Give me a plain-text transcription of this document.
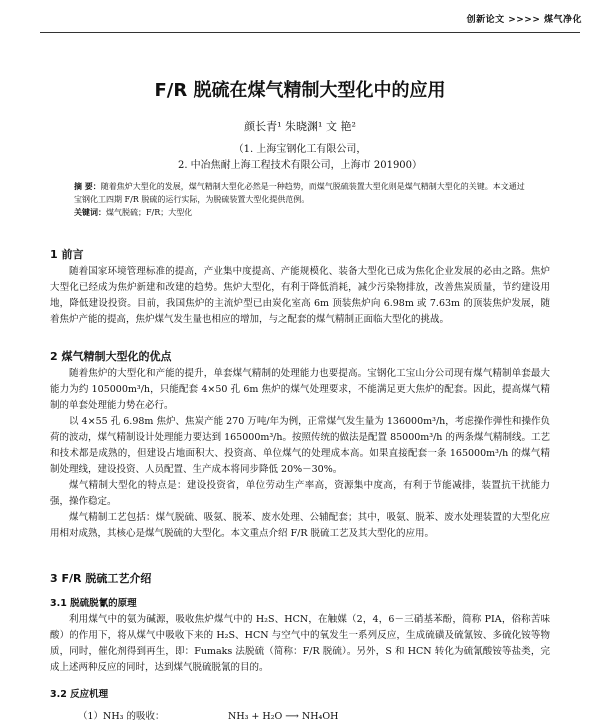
创新论文 >>>> 煤气净化
F/R 脱硫在煤气精制大型化中的应用
颜长青¹ 朱晓渊¹ 文 艳²
（1. 上海宝钢化工有限公司，
2. 中冶焦耐上海工程技术有限公司，上海市 201900）
摘 要：随着焦炉大型化的发展，煤气精制大型化必然是一种趋势，而煤气脱硫装置大型化则是煤气精制大型化的关键。本文通过宝钢化工四期 F/R 脱硫的运行实际，为脱硫装置大型化提供范例。
关键词：煤气脱硫；F/R；大型化
1 前言
随着国家环境管理标准的提高，产业集中度提高、产能规模化、装备大型化已成为焦化企业发展的必由之路。焦炉大型化已经成为焦炉新建和改建的趋势。焦炉大型化，有利于降低消耗，减少污染物排放，改善焦炭质量，节约建设用地，降低建设投资。目前，我国焦炉的主流炉型已由炭化室高 6m 顶装焦炉向 6.98m 或 7.63m 的顶装焦炉发展，随着焦炉产能的提高，焦炉煤气发生量也相应的增加，与之配套的煤气精制正面临大型化的挑战。
2 煤气精制大型化的优点
随着焦炉的大型化和产能的提升，单套煤气精制的处理能力也要提高。宝钢化工宝山分公司现有煤气精制单套最大能力为约 105000m³/h，只能配套 4×50 孔 6m 焦炉的煤气处理要求，不能满足更大焦炉的配套。因此，提高煤气精制的单套处理能力势在必行。
以 4×55 孔 6.98m 焦炉、焦炭产能 270 万吨/年为例，正常煤气发生量为 136000m³/h，考虑操作弹性和操作负荷的波动，煤气精制设计处理能力要达到 165000m³/h。按照传统的做法是配置 85000m³/h 的两条煤气精制线。工艺和技术都是成熟的，但建设占地面积大、投资高、单位煤气的处理成本高。如果直接配套一条 165000m³/h 的煤气精制处理线，建设投资、人员配置、生产成本将同步降低 20%－30%。
煤气精制大型化的特点是：建设投资省，单位劳动生产率高，资源集中度高，有利于节能减排，装置抗干扰能力强，操作稳定。
煤气精制工艺包括：煤气脱硫、吸氨、脱苯、废水处理、公辅配套；其中，吸氨、脱苯、废水处理装置的大型化应用相对成熟，其核心是煤气脱硫的大型化。本文重点介绍 F/R 脱硫工艺及其大型化的应用。
3 F/R 脱硫工艺介绍
3.1 脱硫脱氰的原理
利用煤气中的氨为碱源，吸收焦炉煤气中的 H₂S、HCN，在触媒（2，4，6－三硝基苯酚，简称 PIA，俗称苦味酸）的作用下，将从煤气中吸收下来的 H₂S、HCN 与空气中的氧发生一系列反应，生成硫磺及硫氰铵、多硫化铵等物质，同时，催化剂得到再生，即：Fumaks 法脱硫（简称：F/R 脱硫）。另外，S 和 HCN 转化为硫氰酸铵等盐类，完成上述两种反应的同时，达到煤气脱硫脱氰的目的。
3.2 反应机理
（1）NH₃ 的吸收：	NH₃ + H₂O ⟶ NH₄OH
